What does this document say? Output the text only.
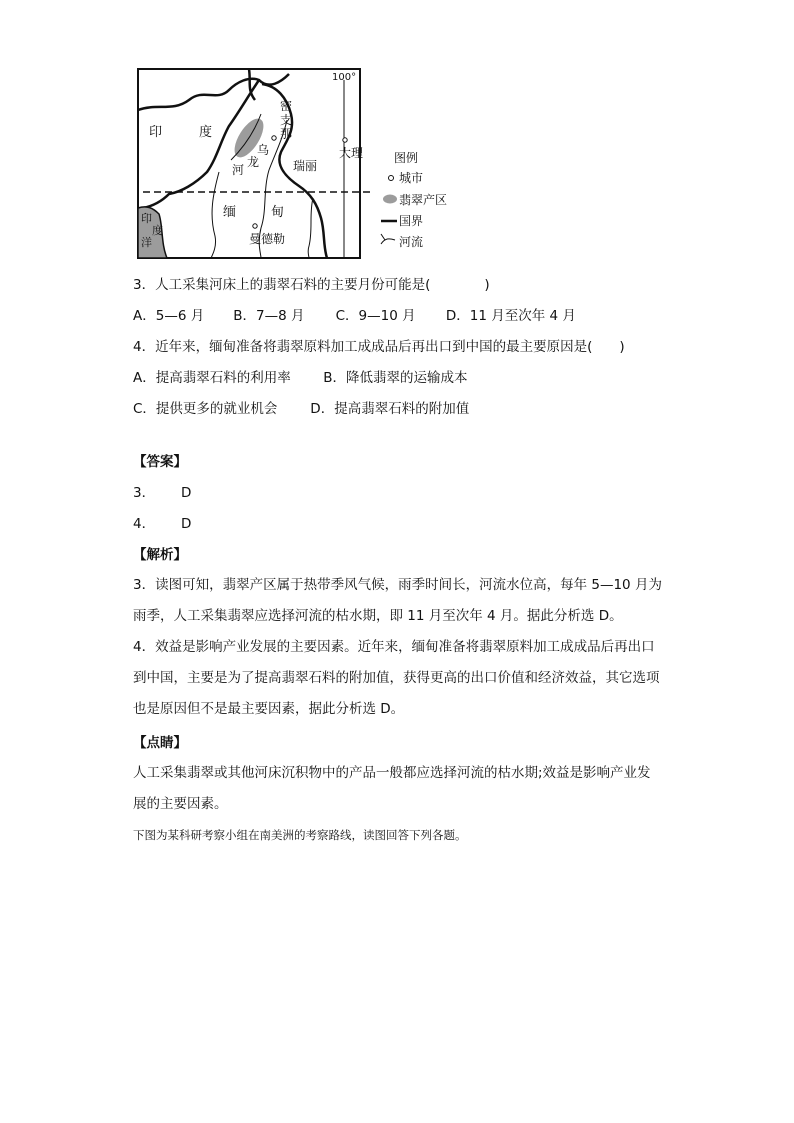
100°
印	度
密
支
那
乌
龙
河	瑞丽
大理
缅	甸
曼德勒
印
度
洋
图例
城市
翡翠产区
国界
河流
3．人工采集河床上的翡翠石料的主要月份可能是(　　　　)
A．5—6 月 B．7—8 月 C．9—10 月 D．11 月至次年 4 月
4．近年来，缅甸准备将翡翠原料加工成成品后再出口到中国的最主要原因是(　　)
A．提高翡翠石料的利用率 B．降低翡翠的运输成本
C．提供更多的就业机会 D．提高翡翠石料的附加值
【答案】
3． D
4． D
【解析】
3．读图可知，翡翠产区属于热带季风气候，雨季时间长，河流水位高，每年 5—10 月为雨季，人工采集翡翠应选择河流的枯水期，即 11 月至次年 4 月。据此分析选 D。
4．效益是影响产业发展的主要因素。近年来，缅甸准备将翡翠原料加工成成品后再出口到中国，主要是为了提高翡翠石料的附加值，获得更高的出口价值和经济效益，其它选项也是原因但不是最主要因素，据此分析选 D。
【点睛】
人工采集翡翠或其他河床沉积物中的产品一般都应选择河流的枯水期;效益是影响产业发展的主要因素。
下图为某科研考察小组在南美洲的考察路线，读图回答下列各题。
